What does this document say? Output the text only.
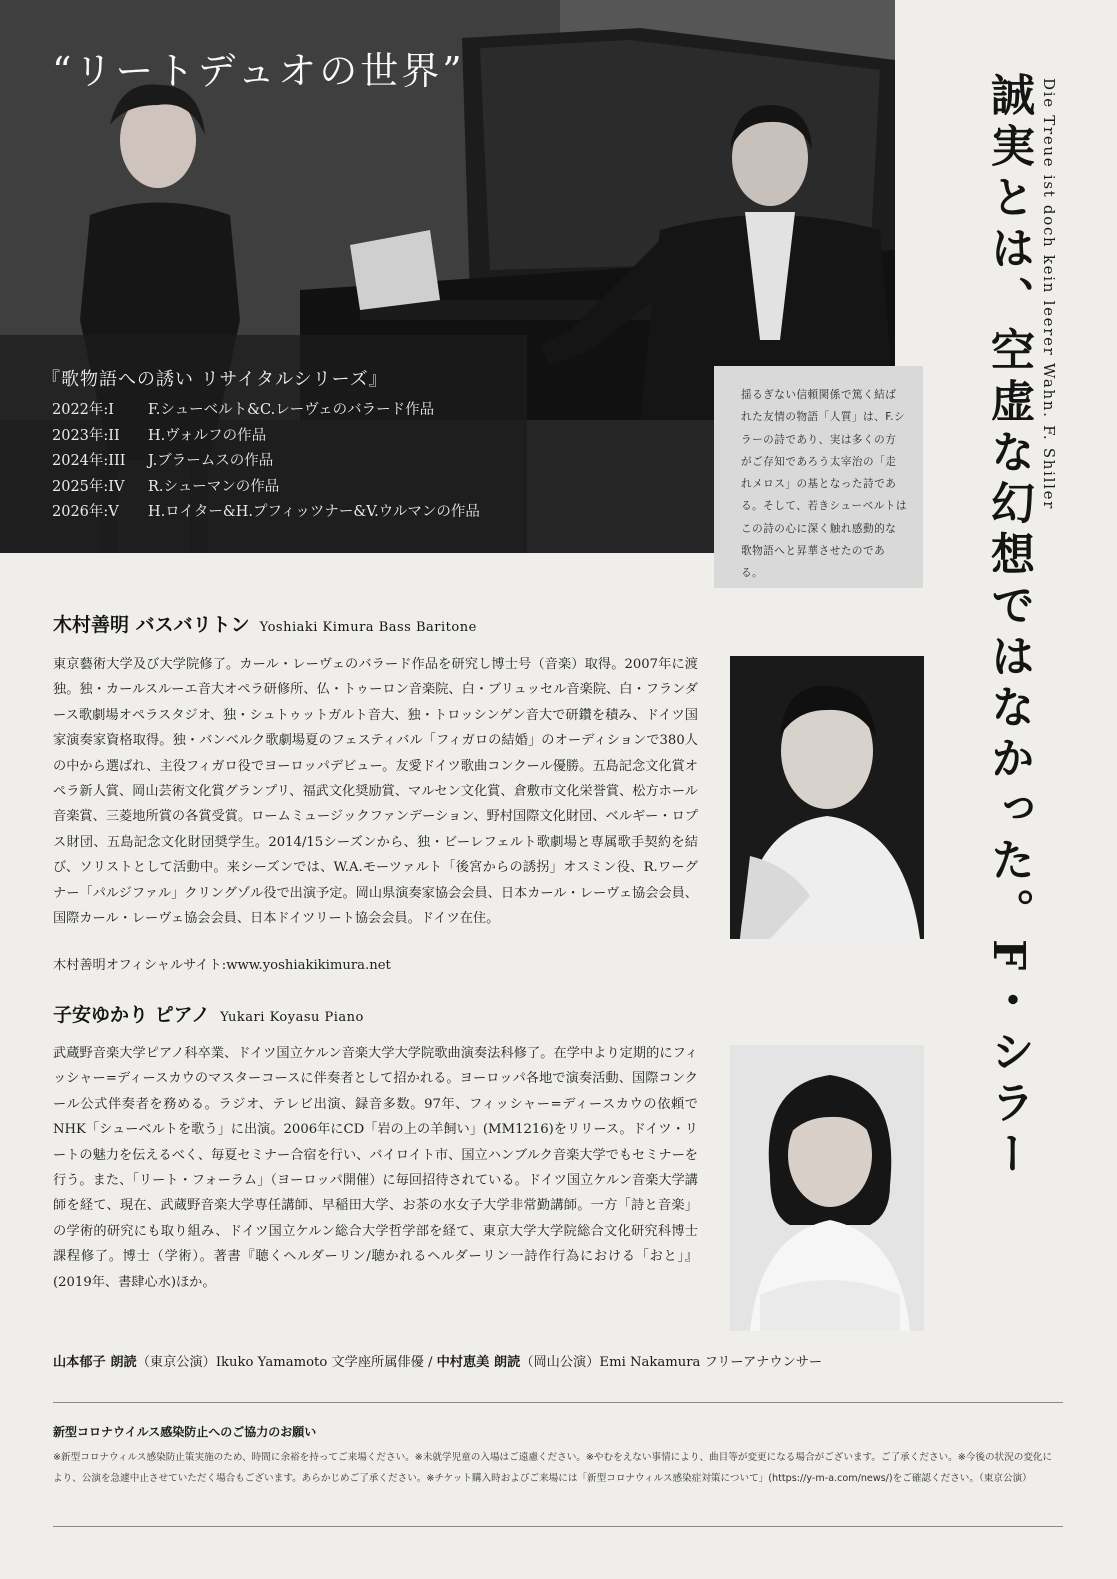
“リートデュオの世界”
『歌物語への誘い リサイタルシリーズ』
2022年:I	F.シューベルト&C.レーヴェのバラード作品
2023年:II	H.ヴォルフの作品
2024年:III	J.ブラームスの作品
2025年:IV	R.シューマンの作品
2026年:V	H.ロイター&H.プフィッツナー&V.ウルマンの作品

揺るぎない信頼関係で篤く結ばれた友情の物語「人質」は、F.シラーの詩であり、実は多くの方がご存知であろう太宰治の「走れメロス」の基となった詩である。そして、若きシューベルトはこの詩の心に深く触れ感動的な歌物語へと昇華させたのである。	誠実とは、空虚な幻想ではなかった。F・シラー Die Treue ist doch kein leerer Wahn. F. Shiller
木村善明 バスバリトン Yoshiaki Kimura Bass Baritone

東京藝術大学及び大学院修了。カール・レーヴェのバラード作品を研究し博士号（音楽）取得。2007年に渡独。独・カールスルーエ音大オペラ研修所、仏・トゥーロン音楽院、白・ブリュッセル音楽院、白・フランダース歌劇場オペラスタジオ、独・シュトゥットガルト音大、独・トロッシンゲン音大で研鑽を積み、ドイツ国家演奏家資格取得。独・バンベルク歌劇場夏のフェスティバル「フィガロの結婚」のオーディションで380人の中から選ばれ、主役フィガロ役でヨーロッパデビュー。友愛ドイツ歌曲コンクール優勝。五島記念文化賞オペラ新人賞、岡山芸術文化賞グランプリ、福武文化奨励賞、マルセン文化賞、倉敷市文化栄誉賞、松方ホール音楽賞、三菱地所賞の各賞受賞。ロームミュージックファンデーション、野村国際文化財団、ベルギー・ロプス財団、五島記念文化財団奨学生。2014/15シーズンから、独・ビーレフェルト歌劇場と専属歌手契約を結び、ソリストとして活動中。来シーズンでは、W.A.モーツァルト「後宮からの誘拐」オスミン役、R.ワーグナー「パルジファル」クリングゾル役で出演予定。岡山県演奏家協会会員、日本カール・レーヴェ協会会員、国際カール・レーヴェ協会会員、日本ドイツリート協会会員。ドイツ在住。

木村善明オフィシャルサイト:www.yoshiakikimura.net
子安ゆかり ピアノ Yukari Koyasu Piano

武蔵野音楽大学ピアノ科卒業、ドイツ国立ケルン音楽大学大学院歌曲演奏法科修了。在学中より定期的にフィッシャー=ディースカウのマスターコースに伴奏者として招かれる。ヨーロッパ各地で演奏活動、国際コンクール公式伴奏者を務める。ラジオ、テレビ出演、録音多数。97年、フィッシャー=ディースカウの依頼でNHK「シューベルトを歌う」に出演。2006年にCD「岩の上の羊飼い」(MM1216)をリリース。ドイツ・リートの魅力を伝えるべく、毎夏セミナー合宿を行い、バイロイト市、国立ハンブルク音楽大学でもセミナーを行う。また、「リート・フォーラム」（ヨーロッパ開催）に毎回招待されている。ドイツ国立ケルン音楽大学講師を経て、現在、武蔵野音楽大学専任講師、早稲田大学、お茶の水女子大学非常勤講師。一方「詩と音楽」の学術的研究にも取り組み、ドイツ国立ケルン総合大学哲学部を経て、東京大学大学院総合文化研究科博士課程修了。博士（学術）。著書『聴くヘルダーリン/聴かれるヘルダーリン一詩作行為における「おと」』(2019年、書肆心水)ほか。

山本郁子 朗読（東京公演）Ikuko Yamamoto 文学座所属俳優 / 中村恵美 朗読（岡山公演）Emi Nakamura フリーアナウンサー
新型コロナウイルス感染防止へのご協力のお願い

※新型コロナウィルス感染防止策実施のため、時間に余裕を持ってご来場ください。※未就学児童の入場はご遠慮ください。※やむをえない事情により、曲目等が変更になる場合がございます。ご了承ください。※今後の状況の変化により、公演を急遽中止させていただく場合もございます。あらかじめご了承ください。※チケット購入時およびご来場には「新型コロナウィルス感染症対策について」(https://y-m-a.com/news/)をご確認ください。（東京公演）
